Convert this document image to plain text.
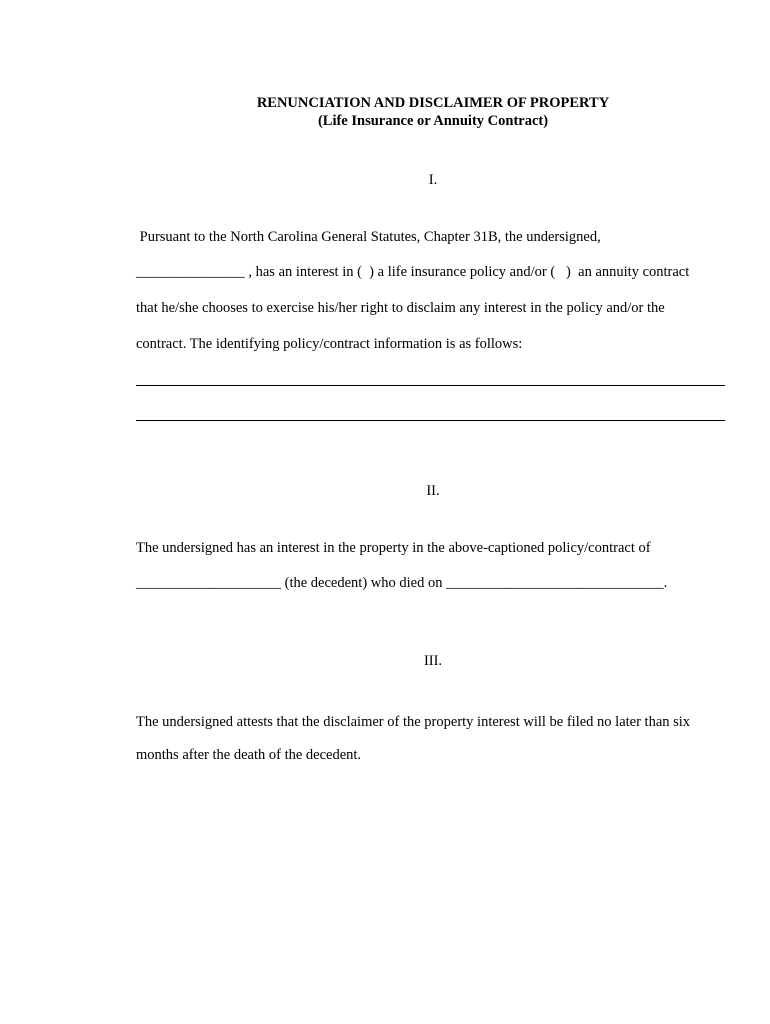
RENUNCIATION AND DISCLAIMER OF PROPERTY
(Life Insurance or Annuity Contract)
I.
Pursuant to the North Carolina General Statutes, Chapter 31B, the undersigned,
_______________ , has an interest in (  ) a life insurance policy and/or (   )  an annuity contract
that he/she chooses to exercise his/her right to disclaim any interest in the policy and/or the
contract. The identifying policy/contract information is as follows:
II.
The undersigned has an interest in the property in the above-captioned policy/contract of
____________________ (the decedent) who died on ______________________________.
III.
The undersigned attests that the disclaimer of the property interest will be filed no later than six
months after the death of the decedent.
